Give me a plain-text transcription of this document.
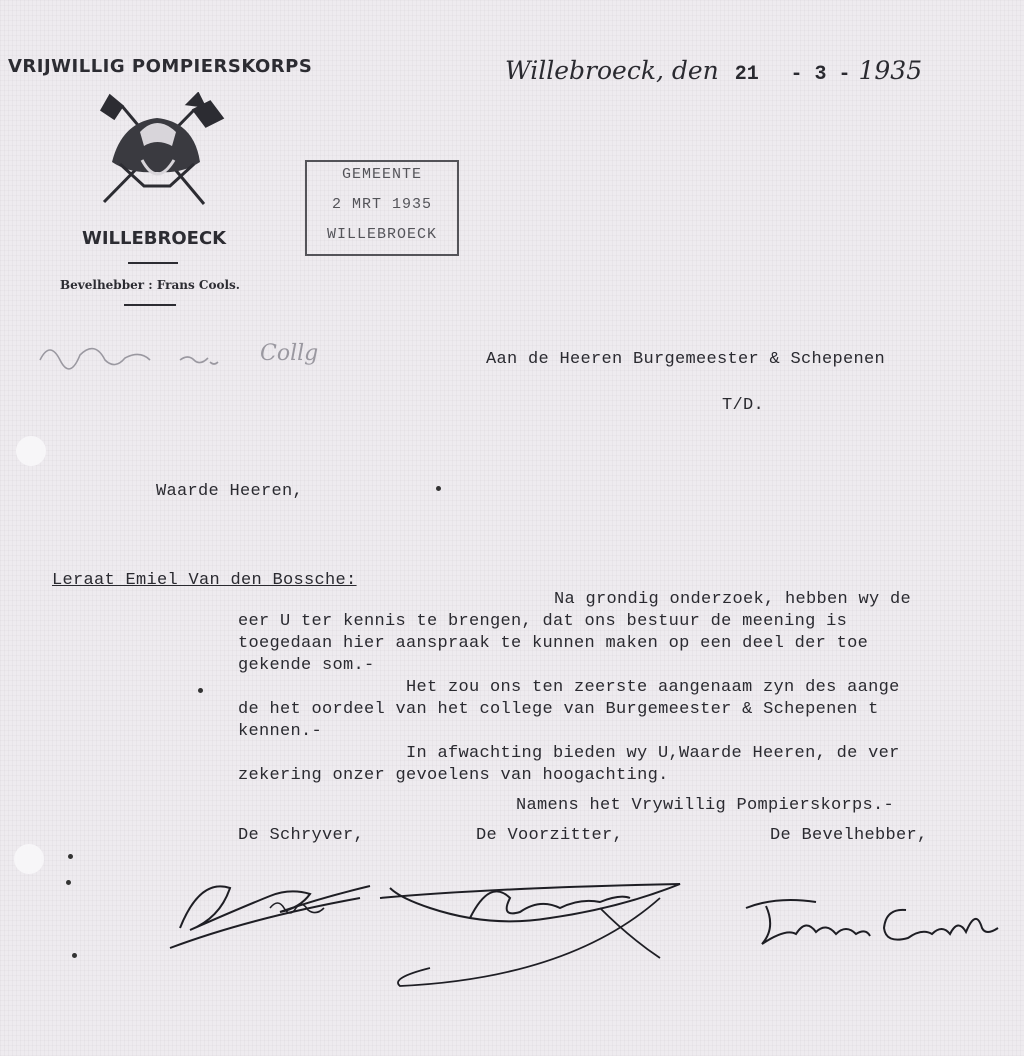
VRIJWILLIG POMPIERSKORPS
WILLEBROECK
Bevelhebber : Frans Cools.
Willebroeck, den 21 - 3 - 1935
GEMEENTE
2 MRT 1935
WILLEBROECK
Collg	Aan de Heeren Burgemeester & Schepenen
T/D.
Waarde Heeren,
Leraat Emiel Van den Bossche:
Na grondig onderzoek, hebben wy de
eer U ter kennis te brengen, dat ons bestuur de meening is
toegedaan hier aanspraak te kunnen maken op een deel der toe
gekende som.-
Het zou ons ten zeerste aangenaam zyn des aange
de het oordeel van het college van Burgemeester & Schepenen t
kennen.-
In afwachting bieden wy U,Waarde Heeren, de ver
zekering onzer gevoelens van hoogachting.
Namens het Vrywillig Pompierskorps.-
De Schryver,	De Voorzitter,	De Bevelhebber,
